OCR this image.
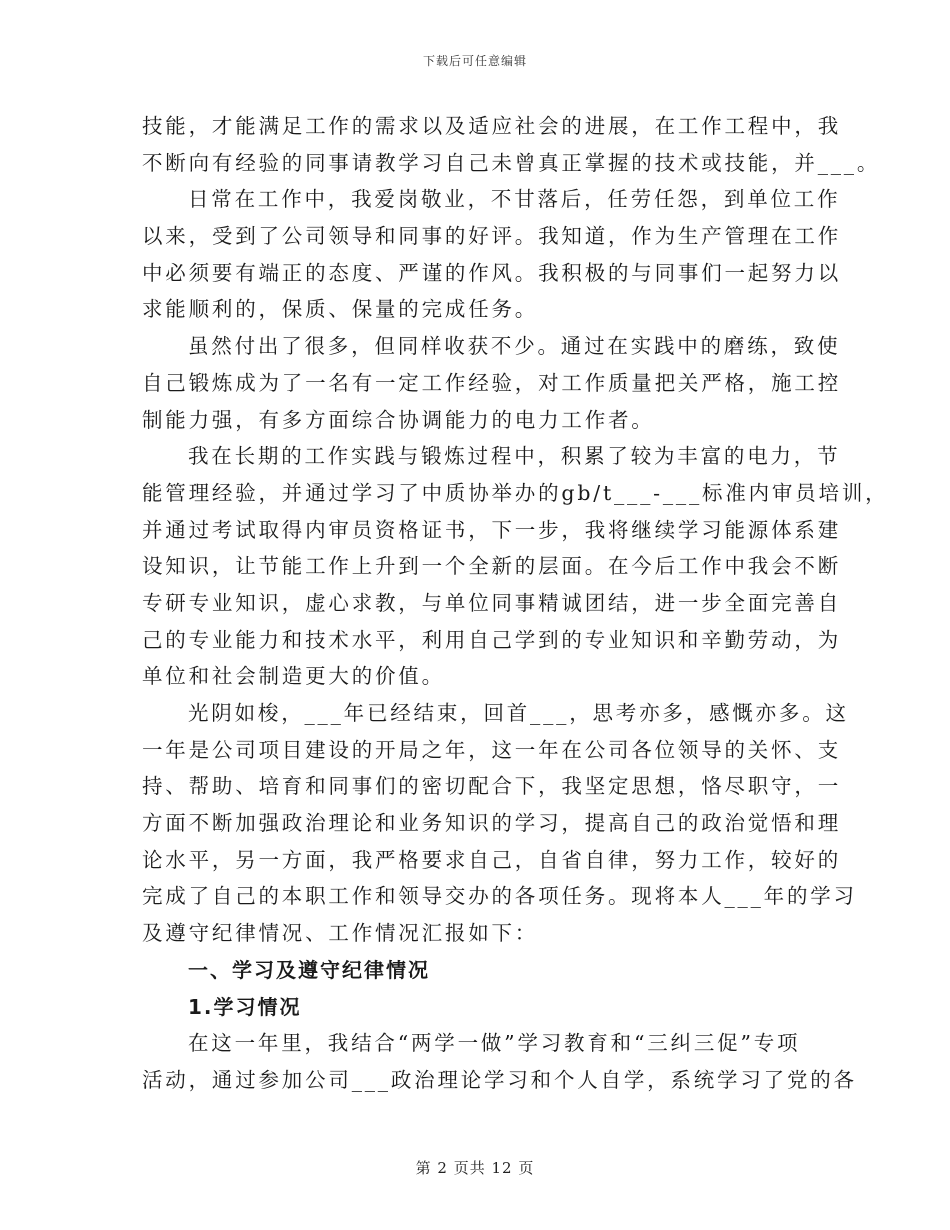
下载后可任意编辑
技能，才能满足工作的需求以及适应社会的进展，在工作工程中，我
不断向有经验的同事请教学习自己未曾真正掌握的技术或技能，并___。
日常在工作中，我爱岗敬业，不甘落后，任劳任怨，到单位工作
以来，受到了公司领导和同事的好评。我知道，作为生产管理在工作
中必须要有端正的态度、严谨的作风。我积极的与同事们一起努力以
求能顺利的，保质、保量的完成任务。
虽然付出了很多，但同样收获不少。通过在实践中的磨练，致使
自己锻炼成为了一名有一定工作经验，对工作质量把关严格，施工控
制能力强，有多方面综合协调能力的电力工作者。
我在长期的工作实践与锻炼过程中，积累了较为丰富的电力，节
能管理经验，并通过学习了中质协举办的gb/t___-___标准内审员培训，
并通过考试取得内审员资格证书，下一步，我将继续学习能源体系建
设知识，让节能工作上升到一个全新的层面。在今后工作中我会不断
专研专业知识，虚心求教，与单位同事精诚团结，进一步全面完善自
己的专业能力和技术水平，利用自己学到的专业知识和辛勤劳动，为
单位和社会制造更大的价值。
光阴如梭，___年已经结束，回首___，思考亦多，感慨亦多。这
一年是公司项目建设的开局之年，这一年在公司各位领导的关怀、支
持、帮助、培育和同事们的密切配合下，我坚定思想，恪尽职守，一
方面不断加强政治理论和业务知识的学习，提高自己的政治觉悟和理
论水平，另一方面，我严格要求自己，自省自律，努力工作，较好的
完成了自己的本职工作和领导交办的各项任务。现将本人___年的学习
及遵守纪律情况、工作情况汇报如下：
一、学习及遵守纪律情况
1.学习情况
在这一年里，我结合“两学一做”学习教育和“三纠三促”专项
活动，通过参加公司___政治理论学习和个人自学，系统学习了党的各
第 2 页共 12 页
